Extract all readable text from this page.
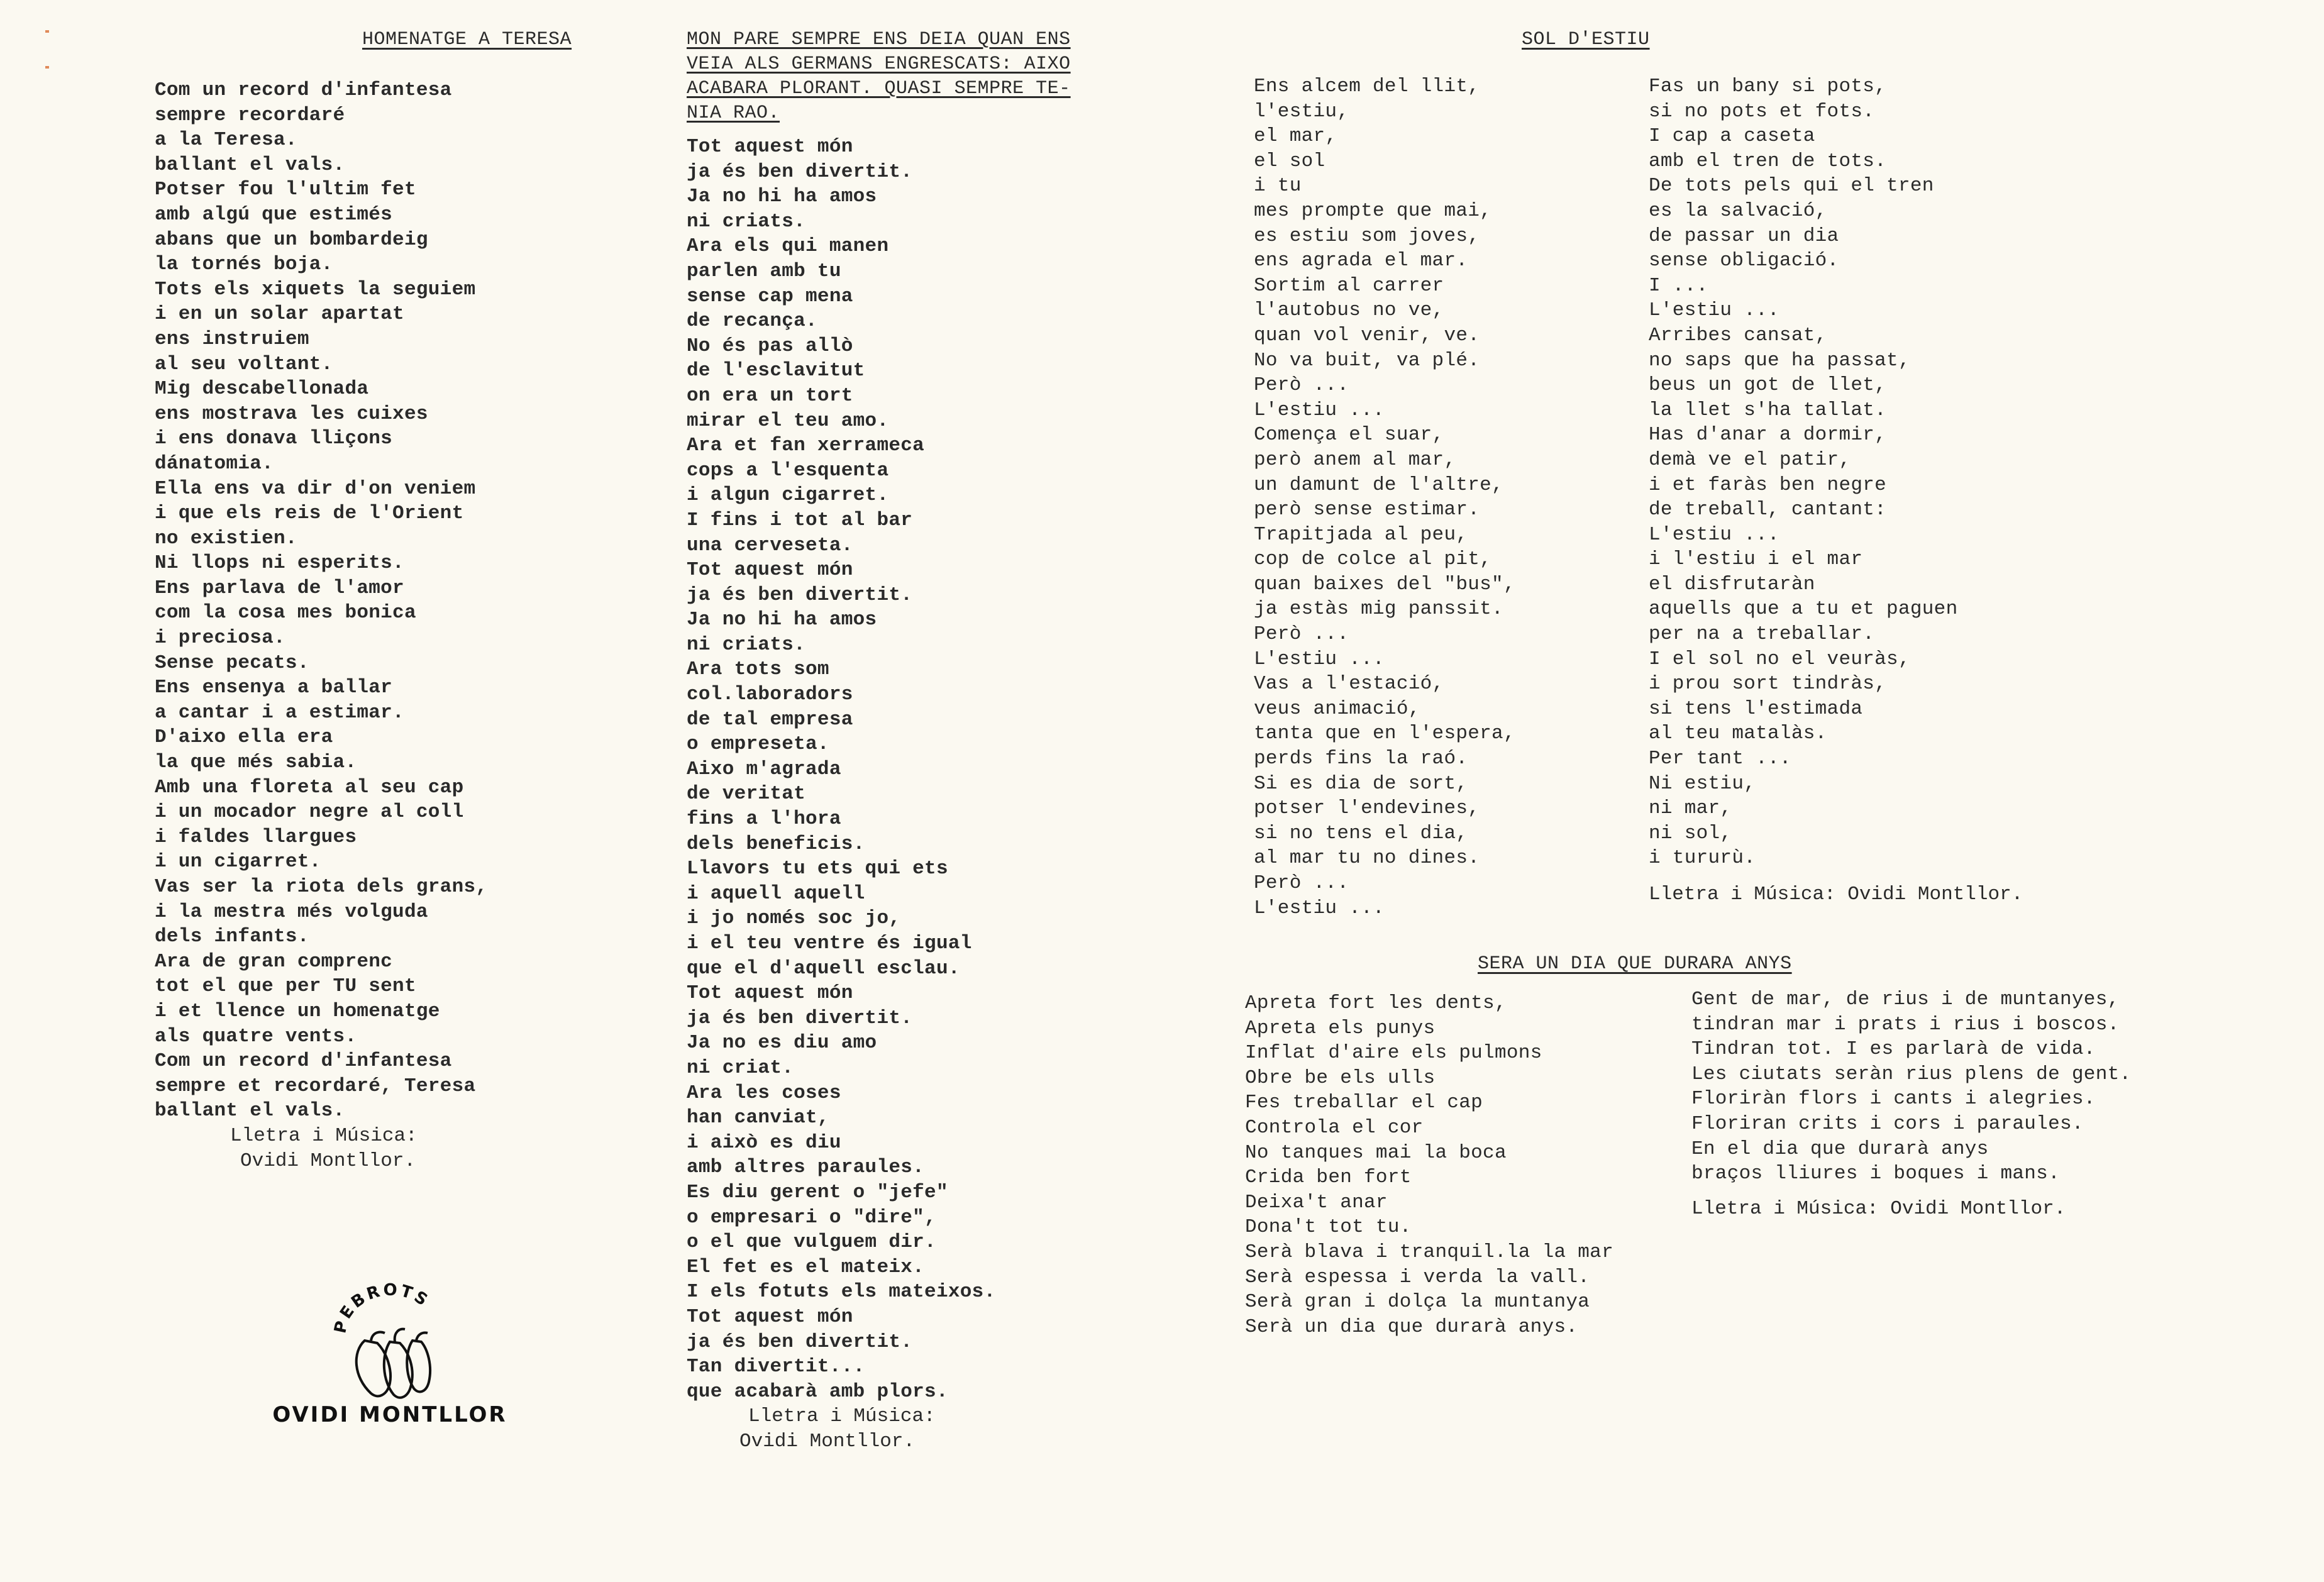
HOMENATGE A TERESA
Com un record d'infantesa
sempre recordaré
a la Teresa.
ballant el vals.
Potser fou l'ultim fet
amb algú que estimés
abans que un bombardeig
la tornés boja.
Tots els xiquets la seguiem
i en un solar apartat
ens instruiem
al seu voltant.
Mig descabellonada
ens mostrava les cuixes
i ens donava lliçons
dánatomia.
Ella ens va dir d'on veniem
i que els reis de l'Orient
no existien.
Ni llops ni esperits.
Ens parlava de l'amor
com la cosa mes bonica
i preciosa.
Sense pecats.
Ens ensenya a ballar
a cantar i a estimar.
D'aixo ella era
la que més sabia.
Amb una floreta al seu cap
i un mocador negre al coll
i faldes llargues
i un cigarret.
Vas ser la riota dels grans,
i la mestra més volguda
dels infants.
Ara de gran comprenc
tot el que per TU sent
i et llence un homenatge
als quatre vents.
Com un record d'infantesa
sempre et recordaré, Teresa
ballant el vals.
Lletra i Música:
Ovidi Montllor.
PEBROTS
OVIDI MONTLLOR
MON PARE SEMPRE ENS DEIA QUAN ENS
VEIA ALS GERMANS ENGRESCATS: AIXO
ACABARA PLORANT. QUASI SEMPRE TE-
NIA RAO.
Tot aquest món
ja és ben divertit.
Ja no hi ha amos
ni criats.
Ara els qui manen
parlen amb tu
sense cap mena
de recança.
No és pas allò
de l'esclavitut
on era un tort
mirar el teu amo.
Ara et fan xerrameca
cops a l'esquenta
i algun cigarret.
I fins i tot al bar
una cerveseta.
Tot aquest món
ja és ben divertit.
Ja no hi ha amos
ni criats.
Ara tots som
col.laboradors
de tal empresa
o empreseta.
Aixo m'agrada
de veritat
fins a l'hora
dels beneficis.
Llavors tu ets qui ets
i aquell aquell
i jo només soc jo,
i el teu ventre és igual
que el d'aquell esclau.
Tot aquest món
ja és ben divertit.
Ja no es diu amo
ni criat.
Ara les coses
han canviat,
i això es diu
amb altres paraules.
Es diu gerent o "jefe"
o empresari o "dire",
o el que vulguem dir.
El fet es el mateix.
I els fotuts els mateixos.
Tot aquest món
ja és ben divertit.
Tan divertit...
que acabarà amb plors.
Lletra i Música:
Ovidi Montllor.
SOL D'ESTIU
Ens alcem del llit,
l'estiu,
el mar,
el sol
i tu
mes prompte que mai,
es estiu som joves,
ens agrada el mar.
Sortim al carrer
l'autobus no ve,
quan vol venir, ve.
No va buit, va plé.
Però ...
L'estiu ...
Comença el suar,
però anem al mar,
un damunt de l'altre,
però sense estimar.
Trapitjada al peu,
cop de colce al pit,
quan baixes del "bus",
ja estàs mig panssit.
Però ...
L'estiu ...
Vas a l'estació,
veus animació,
tanta que en l'espera,
perds fins la raó.
Si es dia de sort,
potser l'endevines,
si no tens el dia,
al mar tu no dines.
Però ...
L'estiu ...
Fas un bany si pots,
si no pots et fots.
I cap a caseta
amb el tren de tots.
De tots pels qui el tren
es la salvació,
de passar un dia
sense obligació.
I ...
L'estiu ...
Arribes cansat,
no saps que ha passat,
beus un got de llet,
la llet s'ha tallat.
Has d'anar a dormir,
demà ve el patir,
i et faràs ben negre
de treball, cantant:
L'estiu ...
i l'estiu i el mar
el disfrutaràn
aquells que a tu et paguen
per na a treballar.
I el sol no el veuràs,
i prou sort tindràs,
si tens l'estimada
al teu matalàs.
Per tant ...
Ni estiu,
ni mar,
ni sol,
i tururù.
Lletra i Música: Ovidi Montllor.
SERA UN DIA QUE DURARA ANYS
Apreta fort les dents,
Apreta els punys
Inflat d'aire els pulmons
Obre be els ulls
Fes treballar el cap
Controla el cor
No tanques mai la boca
Crida ben fort
Deixa't anar
Dona't tot tu.
Serà blava i tranquil.la la mar
Serà espessa i verda la vall.
Serà gran i dolça la muntanya
Serà un dia que durarà anys.
Gent de mar, de rius i de muntanyes,
tindran mar i prats i rius i boscos.
Tindran tot. I es parlarà de vida.
Les ciutats seràn rius plens de gent.
Floriràn flors i cants i alegries.
Floriran crits i cors i paraules.
En el dia que durarà anys
braços lliures i boques i mans.
Lletra i Música: Ovidi Montllor.
